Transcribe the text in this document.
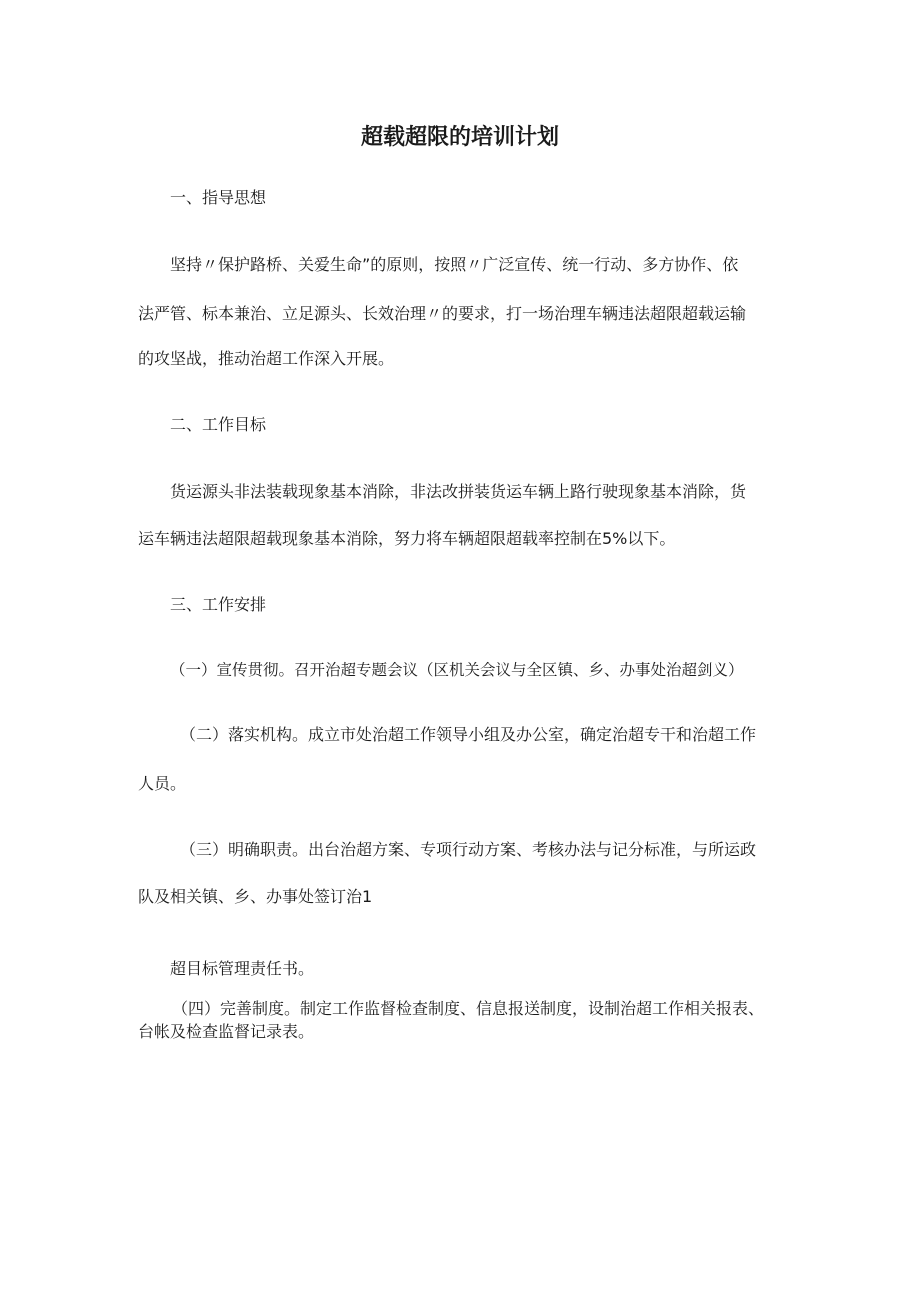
超载超限的培训计划
一、指导思想
坚持〃保护路桥、关爱生命”的原则，按照〃广泛宣传、统一行动、多方协作、依
法严管、标本兼治、立足源头、长效治理〃的要求，打一场治理车辆违法超限超载运输
的攻坚战，推动治超工作深入开展。
二、工作目标
货运源头非法装载现象基本消除，非法改拼装货运车辆上路行驶现象基本消除，货
运车辆违法超限超载现象基本消除，努力将车辆超限超载率控制在5%以下。
三、工作安排
（一）宣传贯彻。召开治超专题会议（区机关会议与全区镇、乡、办事处治超剑义）
（二）落实机构。成立市处治超工作领导小组及办公室，确定治超专干和治超工作
人员。
（三）明确职责。出台治超方案、专项行动方案、考核办法与记分标准，与所运政
队及相关镇、乡、办事处签订治1
超目标管理责任书。
（四）完善制度。制定工作监督检查制度、信息报送制度，设制治超工作相关报表、
台帐及检查监督记录表。
